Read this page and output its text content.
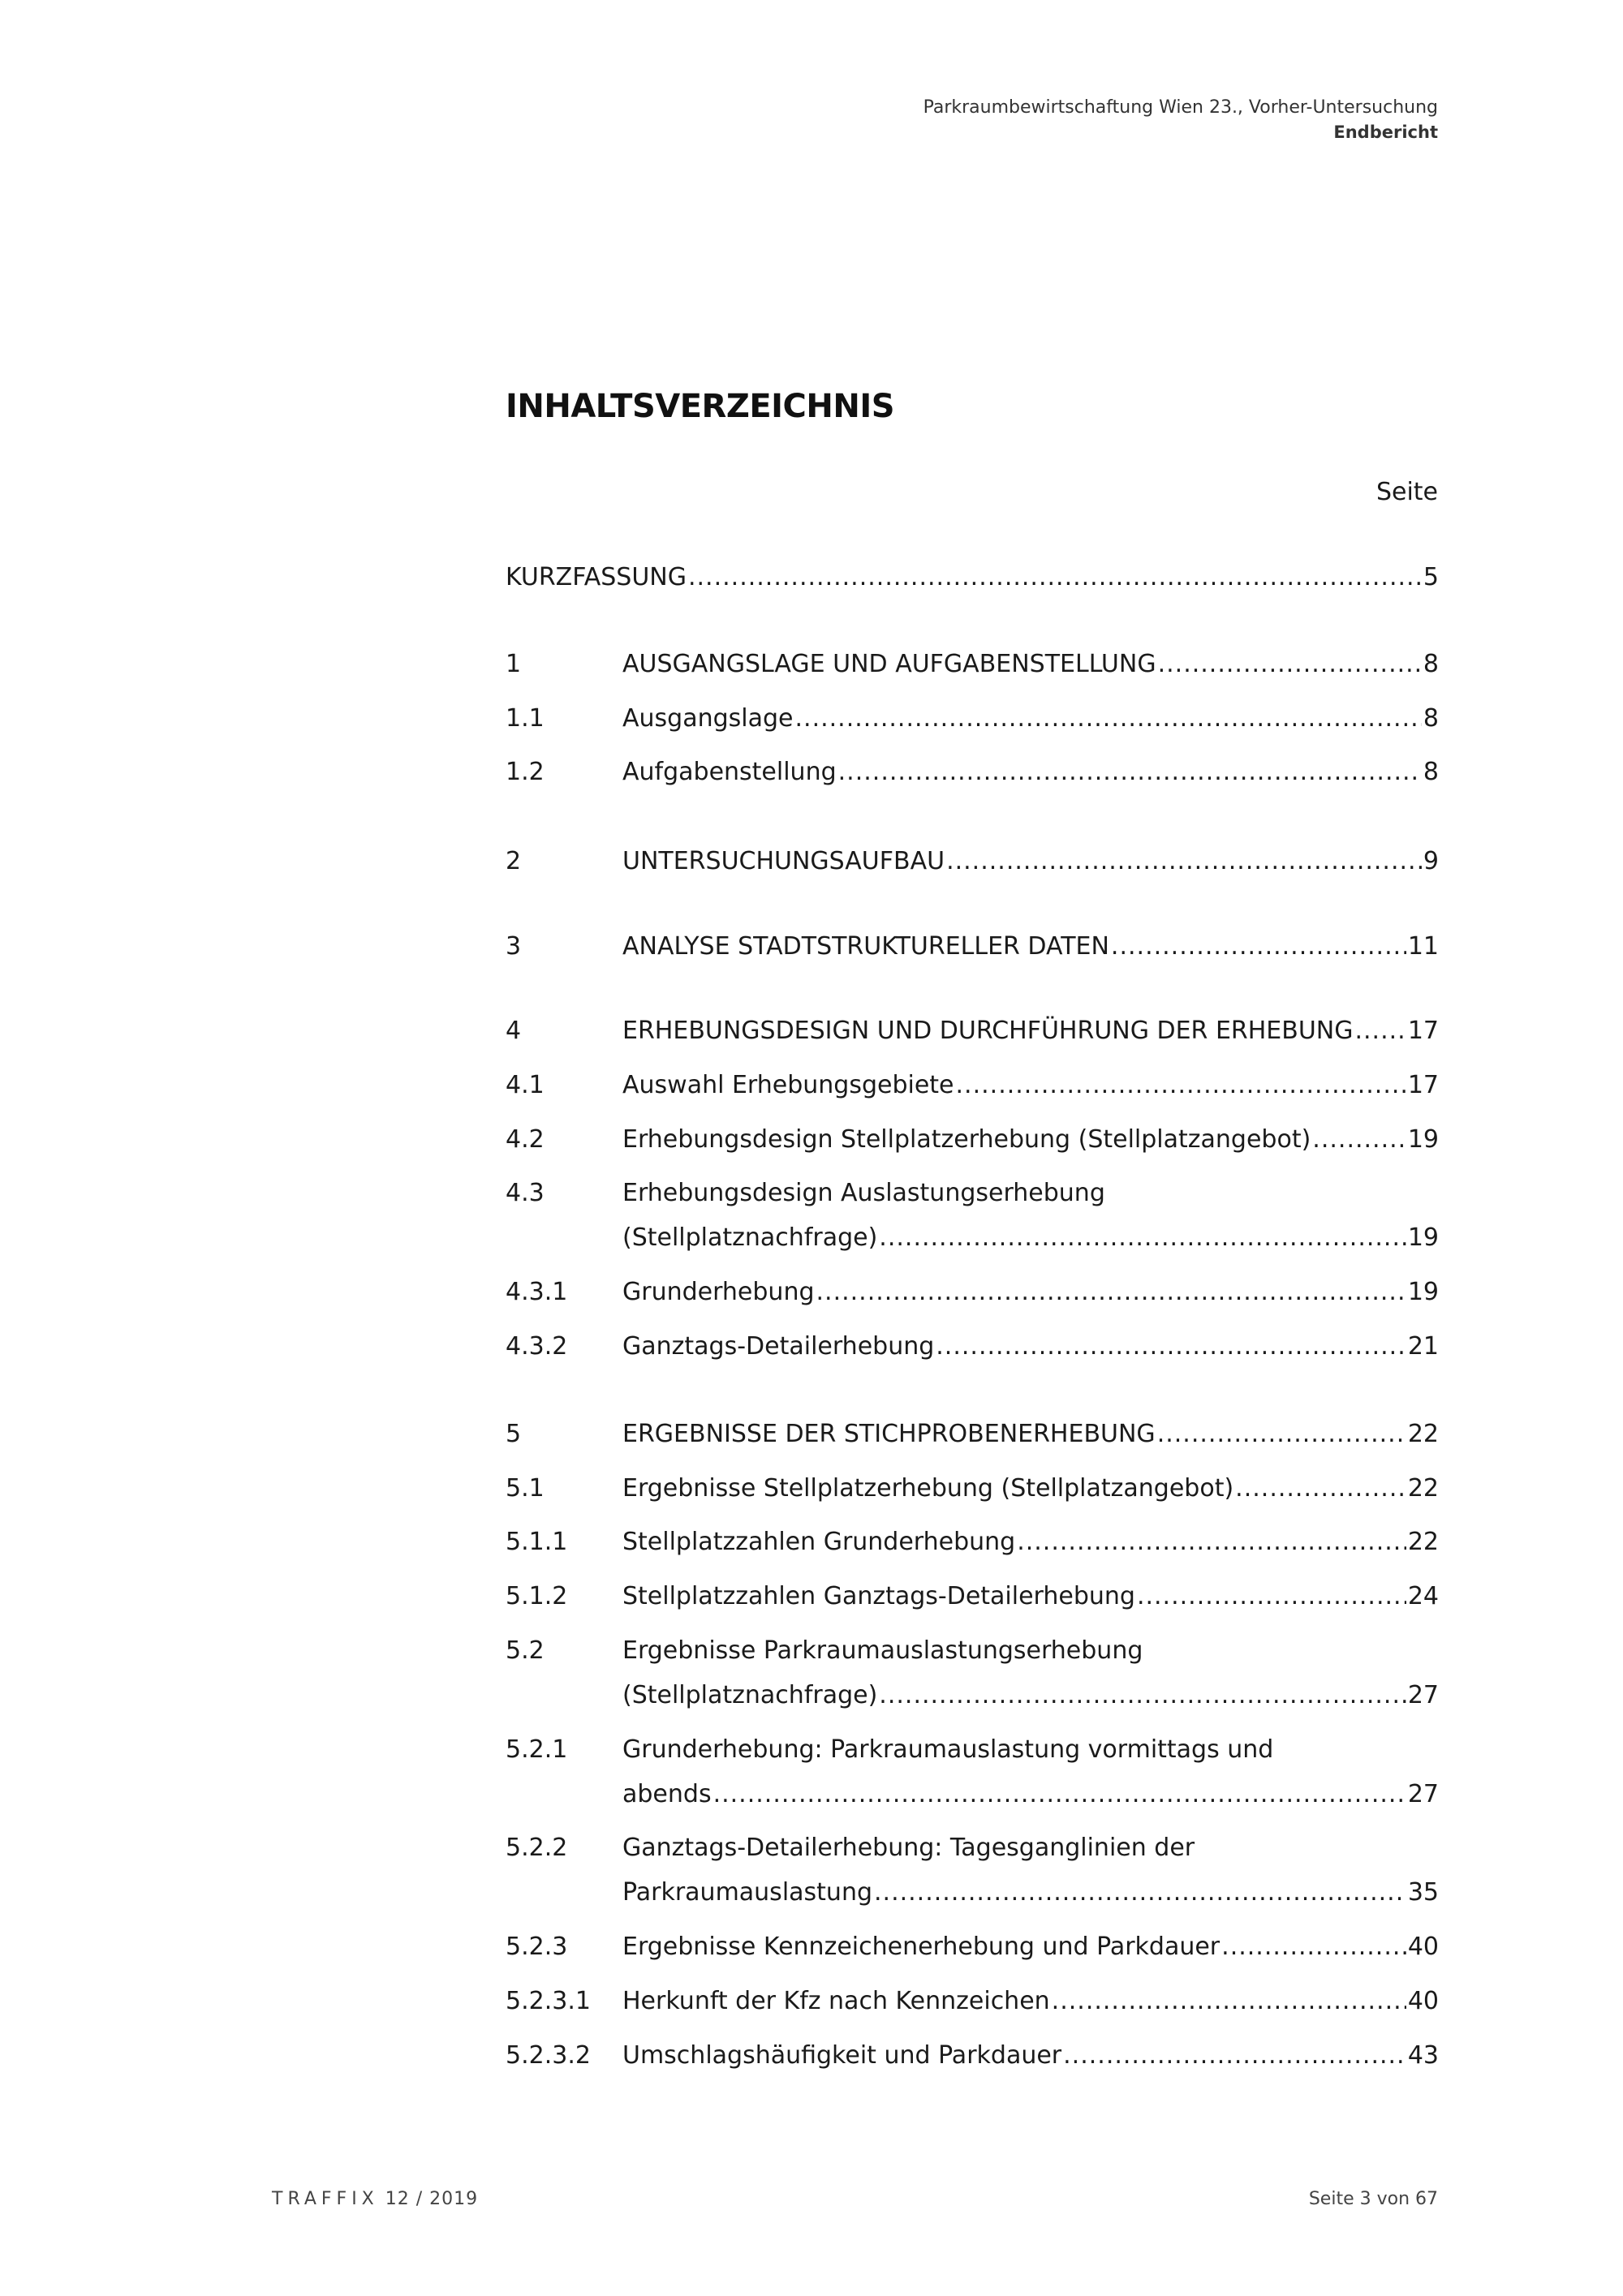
Parkraumbewirtschaftung Wien 23., Vorher-Untersuchung
Endbericht
INHALTSVERZEICHNIS
Seite
KURZFASSUNG .....	5
1	AUSGANGSLAGE UND AUFGABENSTELLUNG .....	8
1.1	Ausgangslage .....	8
1.2	Aufgabenstellung .....	8
2	UNTERSUCHUNGSAUFBAU .....	9
3	ANALYSE STADTSTRUKTURELLER DATEN .....	11
4	ERHEBUNGSDESIGN UND DURCHFÜHRUNG DER ERHEBUNG ..... 17
4.1	Auswahl Erhebungsgebiete .....	17
4.2	Erhebungsdesign Stellplatzerhebung (Stellplatzangebot) .....	19
4.3	Erhebungsdesign Auslastungserhebung
(Stellplatznachfrage) .....	19
4.3.1	Grunderhebung .....	19
4.3.2	Ganztags-Detailerhebung .....	21
5	ERGEBNISSE DER STICHPROBENERHEBUNG .....	22
5.1	Ergebnisse Stellplatzerhebung (Stellplatzangebot) .....	22
5.1.1	Stellplatzzahlen Grunderhebung .....	22
5.1.2	Stellplatzzahlen Ganztags-Detailerhebung .....	24
5.2	Ergebnisse Parkraumauslastungserhebung
(Stellplatznachfrage) .....	27
5.2.1	Grunderhebung: Parkraumauslastung vormittags und
abends .....	27
5.2.2	Ganztags-Detailerhebung: Tagesganglinien der
Parkraumauslastung .....	35
5.2.3	Ergebnisse Kennzeichenerhebung und Parkdauer .....	40
5.2.3.1	Herkunft der Kfz nach Kennzeichen .....	40
5.2.3.2	Umschlagshäufigkeit und Parkdauer .....	43
TRAFFIX 12 / 2019	Seite 3 von 67
